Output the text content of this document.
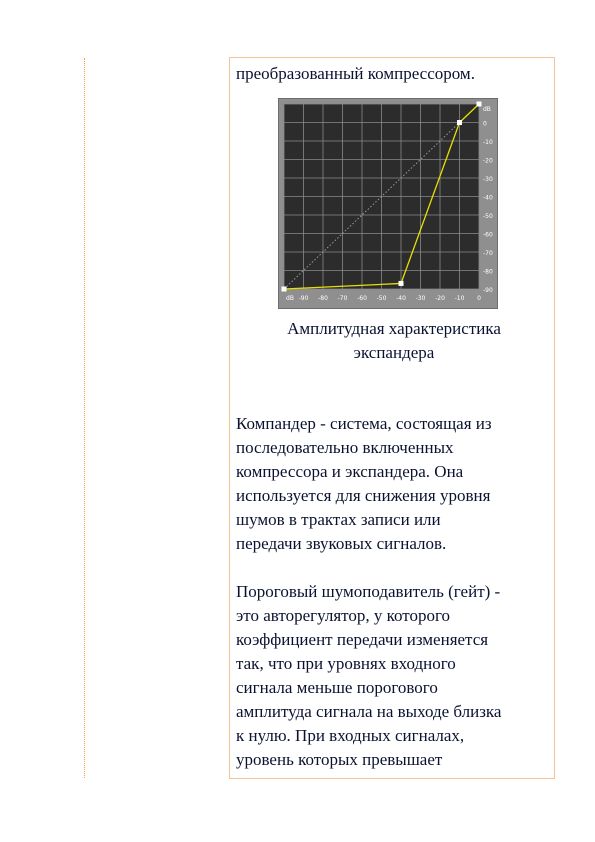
преобразованный компрессором.

dB -90 -80 -70 -60 -50 -40 -30 -20 -10 0
dB
0
-10
-20
-30
-40
-50
-60
-70
-80
-90
Амплитудная характеристика
экспандера
Компандер - система, состоящая из
последовательно включенных
компрессора и экспандера. Она
используется для снижения уровня
шумов в трактах записи или
передачи звуковых сигналов.
Пороговый шумоподавитель (гейт) -
это авторегулятор, у которого
коэффициент передачи изменяется
так, что при уровнях входного
сигнала меньше порогового
амплитуда сигнала на выходе близка
к нулю. При входных сигналах,
уровень которых превышает
